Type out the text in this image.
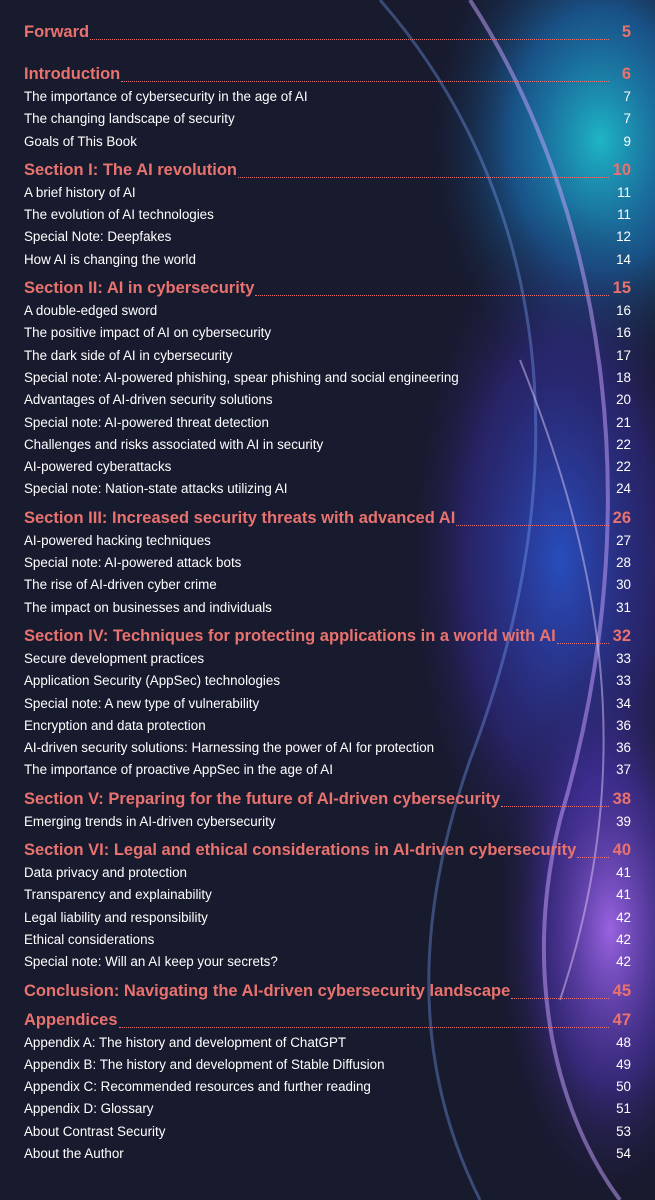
Forward	5
Introduction	6
The importance of cybersecurity in the age of AI	7
The changing landscape of security	7
Goals of This Book	9
Section I: The AI revolution	10
A brief history of AI	11
The evolution of AI technologies	11
Special Note: Deepfakes	12
How AI is changing the world	14
Section II: AI in cybersecurity	15
A double-edged sword	16
The positive impact of AI on cybersecurity	16
The dark side of AI in cybersecurity	17
Special note: AI-powered phishing, spear phishing and social engineering	18
Advantages of AI-driven security solutions	20
Special note: AI-powered threat detection	21
Challenges and risks associated with AI in security	22
AI-powered cyberattacks	22
Special note: Nation-state attacks utilizing AI	24
Section III: Increased security threats with advanced AI	26
AI-powered hacking techniques	27
Special note: AI-powered attack bots	28
The rise of AI-driven cyber crime	30
The impact on businesses and individuals	31
Section IV: Techniques for protecting applications in a world with AI	32
Secure development practices	33
Application Security (AppSec) technologies	33
Special note: A new type of vulnerability	34
Encryption and data protection	36
AI-driven security solutions: Harnessing the power of AI for protection	36
The importance of proactive AppSec in the age of AI	37
Section V: Preparing for the future of AI-driven cybersecurity	38
Emerging trends in AI-driven cybersecurity	39
Section VI: Legal and ethical considerations in AI-driven cybersecurity 40
Data privacy and protection	41
Transparency and explainability	41
Legal liability and responsibility	42
Ethical considerations	42
Special note: Will an AI keep your secrets?	42
Conclusion: Navigating the AI-driven cybersecurity landscape	45
Appendices	47
Appendix A: The history and development of ChatGPT	48
Appendix B: The history and development of Stable Diffusion	49
Appendix C: Recommended resources and further reading	50
Appendix D: Glossary	51
About Contrast Security	53
About the Author	54
